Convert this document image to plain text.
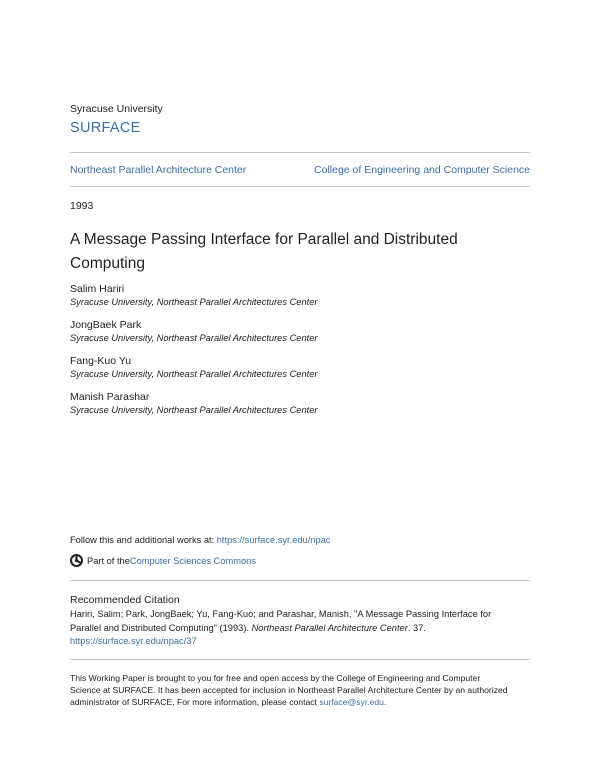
Syracuse University
SURFACE
Northeast Parallel Architecture Center	College of Engineering and Computer Science
1993
A Message Passing Interface for Parallel and Distributed
Computing
Salim Hariri
Syracuse University, Northeast Parallel Architectures Center
JongBaek Park
Syracuse University, Northeast Parallel Architectures Center
Fang-Kuo Yu
Syracuse University, Northeast Parallel Architectures Center
Manish Parashar
Syracuse University, Northeast Parallel Architectures Center
Follow this and additional works at: https://surface.syr.edu/npac
Part of the Computer Sciences Commons
Recommended Citation
Hariri, Salim; Park, JongBaek; Yu, Fang-Kuo; and Parashar, Manish, "A Message Passing Interface for
Parallel and Distributed Computing" (1993). Northeast Parallel Architecture Center. 37.
https://surface.syr.edu/npac/37
This Working Paper is brought to you for free and open access by the College of Engineering and Computer
Science at SURFACE. It has been accepted for inclusion in Northeast Parallel Architecture Center by an authorized
administrator of SURFACE. For more information, please contact surface@syr.edu.
